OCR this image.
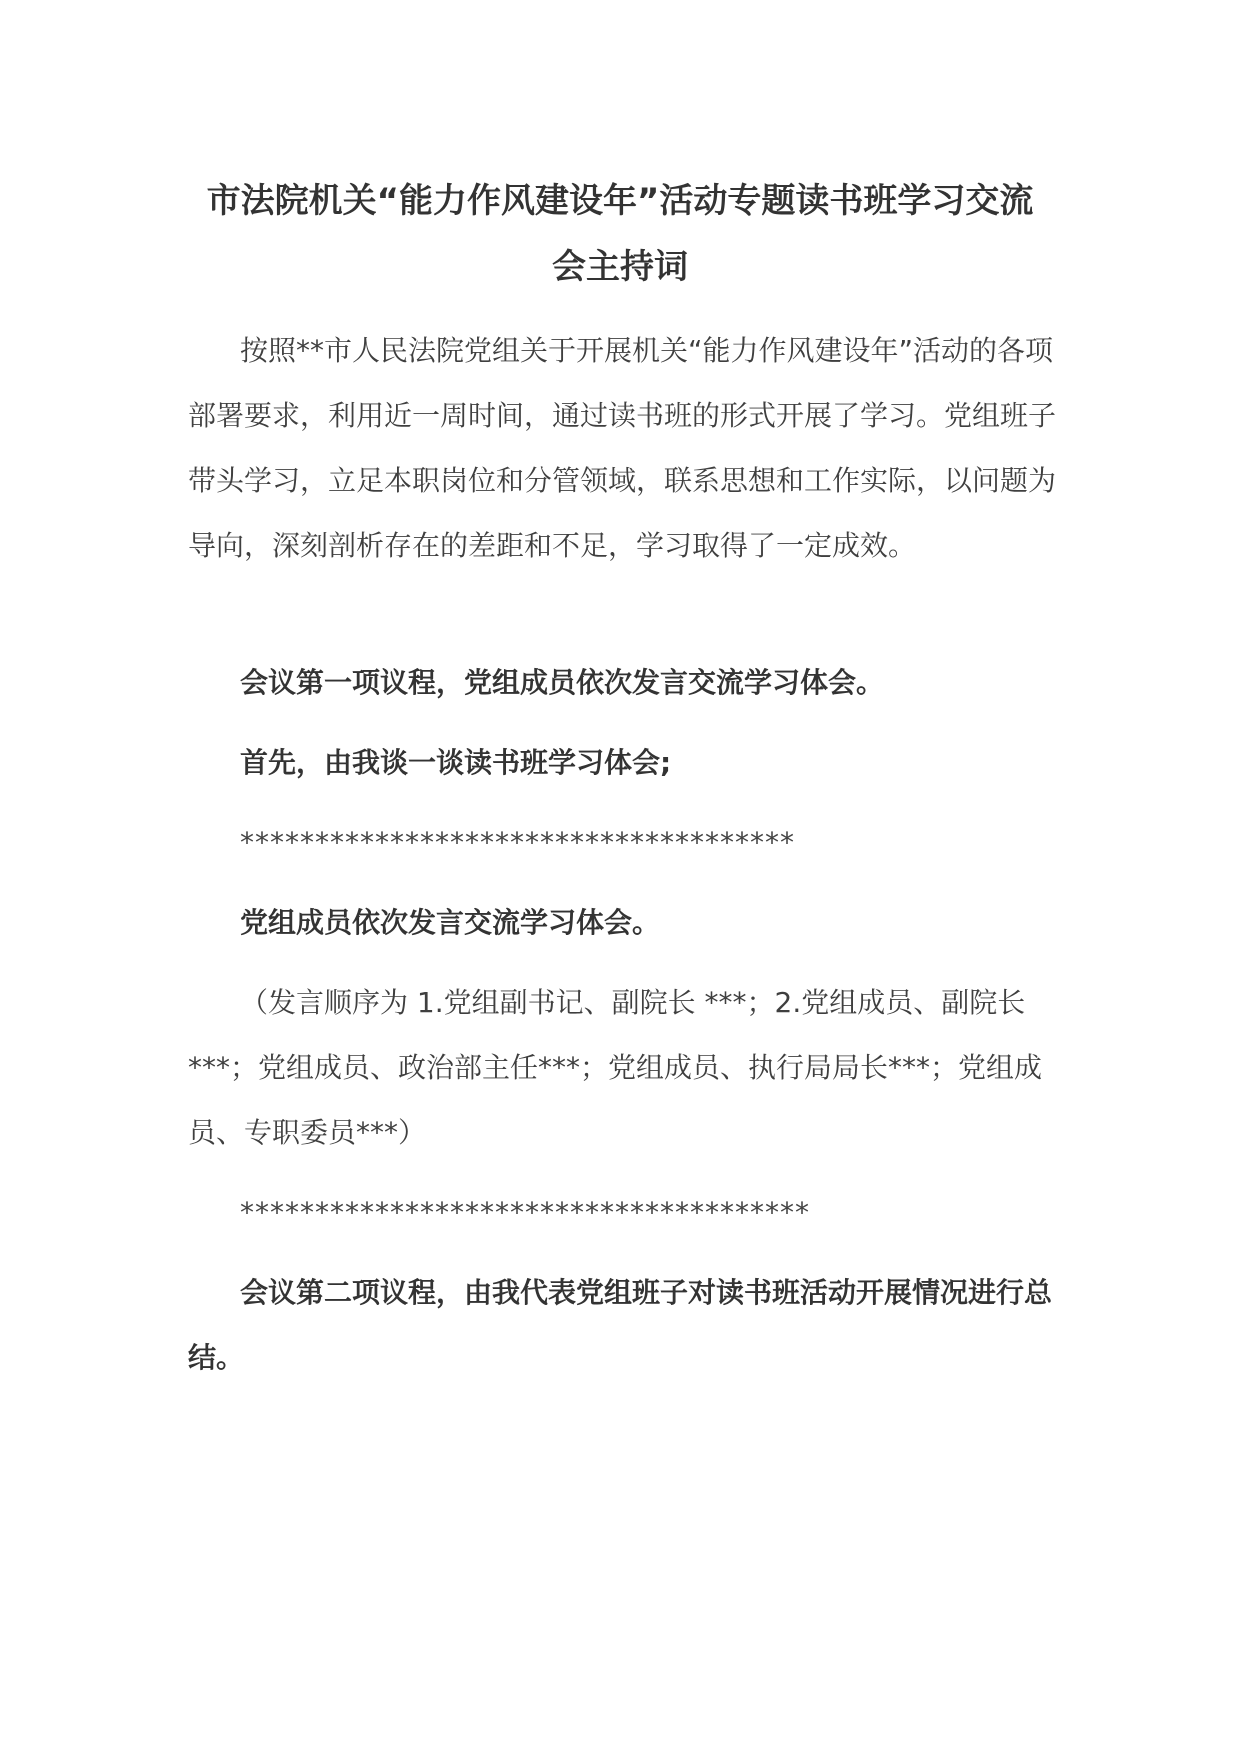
市法院机关“能力作风建设年”活动专题读书班学习交流
会主持词

按照**市人民法院党组关于开展机关“能力作风建设年”活动的各项部署要求，利用近一周时间，通过读书班的形式开展了学习。党组班子带头学习，立足本职岗位和分管领域，联系思想和工作实际，以问题为导向，深刻剖析存在的差距和不足，学习取得了一定成效。

会议第一项议程，党组成员依次发言交流学习体会。

首先，由我谈一谈读书班学习体会;

*************************************

党组成员依次发言交流学习体会。

（发言顺序为 1.党组副书记、副院长 ***；2.党组成员、副院长***；党组成员、政治部主任***；党组成员、执行局局长***；党组成员、专职委员***）

**************************************

会议第二项议程，由我代表党组班子对读书班活动开展情况进行总结。
